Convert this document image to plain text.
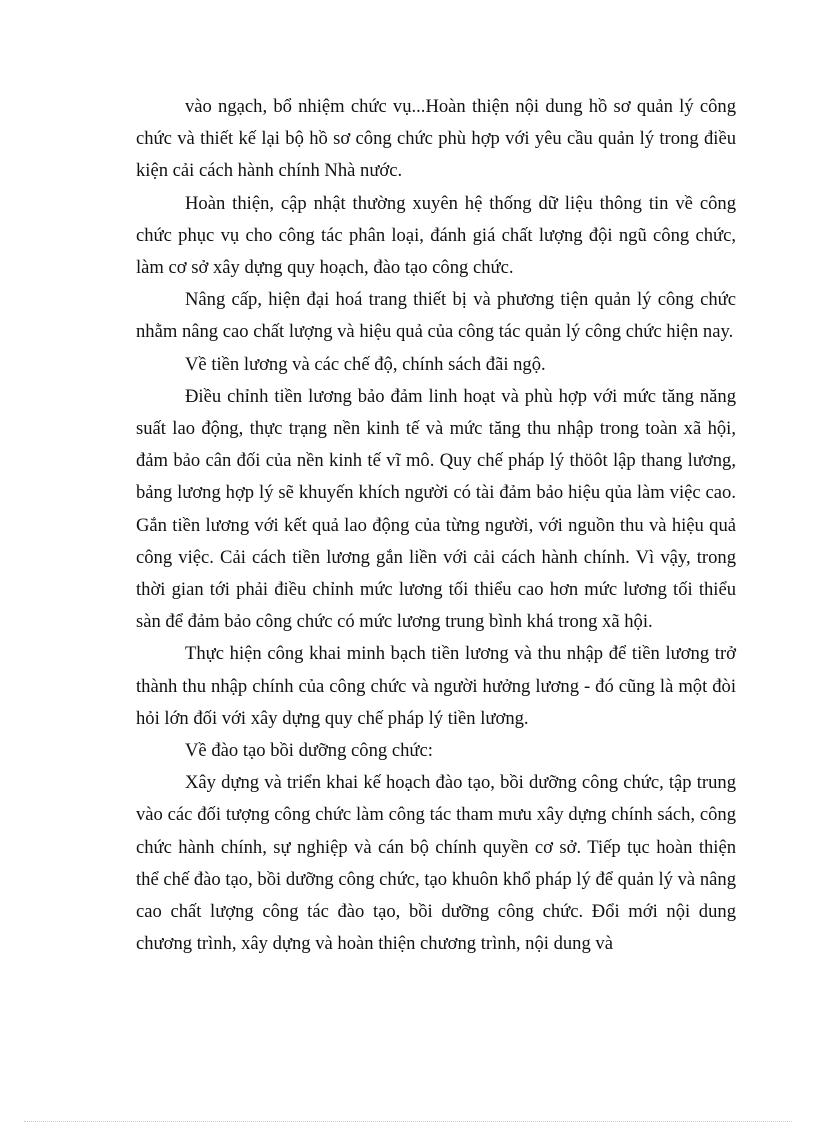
vào ngạch, bổ nhiệm chức vụ...Hoàn thiện nội dung hồ sơ quản lý công chức và thiết kế lại bộ hồ sơ công chức phù hợp với yêu cầu quản lý trong điều kiện cải cách hành chính Nhà nước.

Hoàn thiện, cập nhật thường xuyên hệ thống dữ liệu thông tin về công chức phục vụ cho công tác phân loại, đánh giá chất lượng đội ngũ công chức, làm cơ sở xây dựng quy hoạch, đào tạo công chức.

Nâng cấp, hiện đại hoá trang thiết bị và phương tiện quản lý công chức nhằm nâng cao chất lượng và hiệu quả của công tác quản lý công chức hiện nay.

Về tiền lương và các chế độ, chính sách đãi ngộ.

Điều chỉnh tiền lương bảo đảm linh hoạt và phù hợp với mức tăng năng suất lao động, thực trạng nền kinh tế và mức tăng thu nhập trong toàn xã hội, đảm bảo cân đối của nền kinh tế vĩ mô. Quy chế pháp lý thöôt lập thang lương, bảng lương hợp lý sẽ khuyến khích người có tài đảm bảo hiệu qủa làm việc cao. Gắn tiền lương với kết quả lao động của từng người, với nguồn thu và hiệu quả công việc. Cải cách tiền lương gắn liền với cải cách hành chính. Vì vậy, trong thời gian tới phải điều chỉnh mức lương tối thiểu cao hơn mức lương tối thiểu sàn để đảm bảo công chức có mức lương trung bình khá trong xã hội.

Thực hiện công khai minh bạch tiền lương và thu nhập để tiền lương trở thành thu nhập chính của công chức và người hưởng lương - đó cũng là một đòi hỏi lớn đối với xây dựng quy chế pháp lý tiền lương.

Về đào tạo bồi dưỡng công chức:

Xây dựng và triển khai kế hoạch đào tạo, bồi dưỡng công chức, tập trung vào các đối tượng công chức làm công tác tham mưu xây dựng chính sách, công chức hành chính, sự nghiệp và cán bộ chính quyền cơ sở. Tiếp tục hoàn thiện thể chế đào tạo, bồi dưỡng công chức, tạo khuôn khổ pháp lý để quản lý và nâng cao chất lượng công tác đào tạo, bồi dưỡng công chức. Đổi mới nội dung chương trình, xây dựng và hoàn thiện chương trình, nội dung và
